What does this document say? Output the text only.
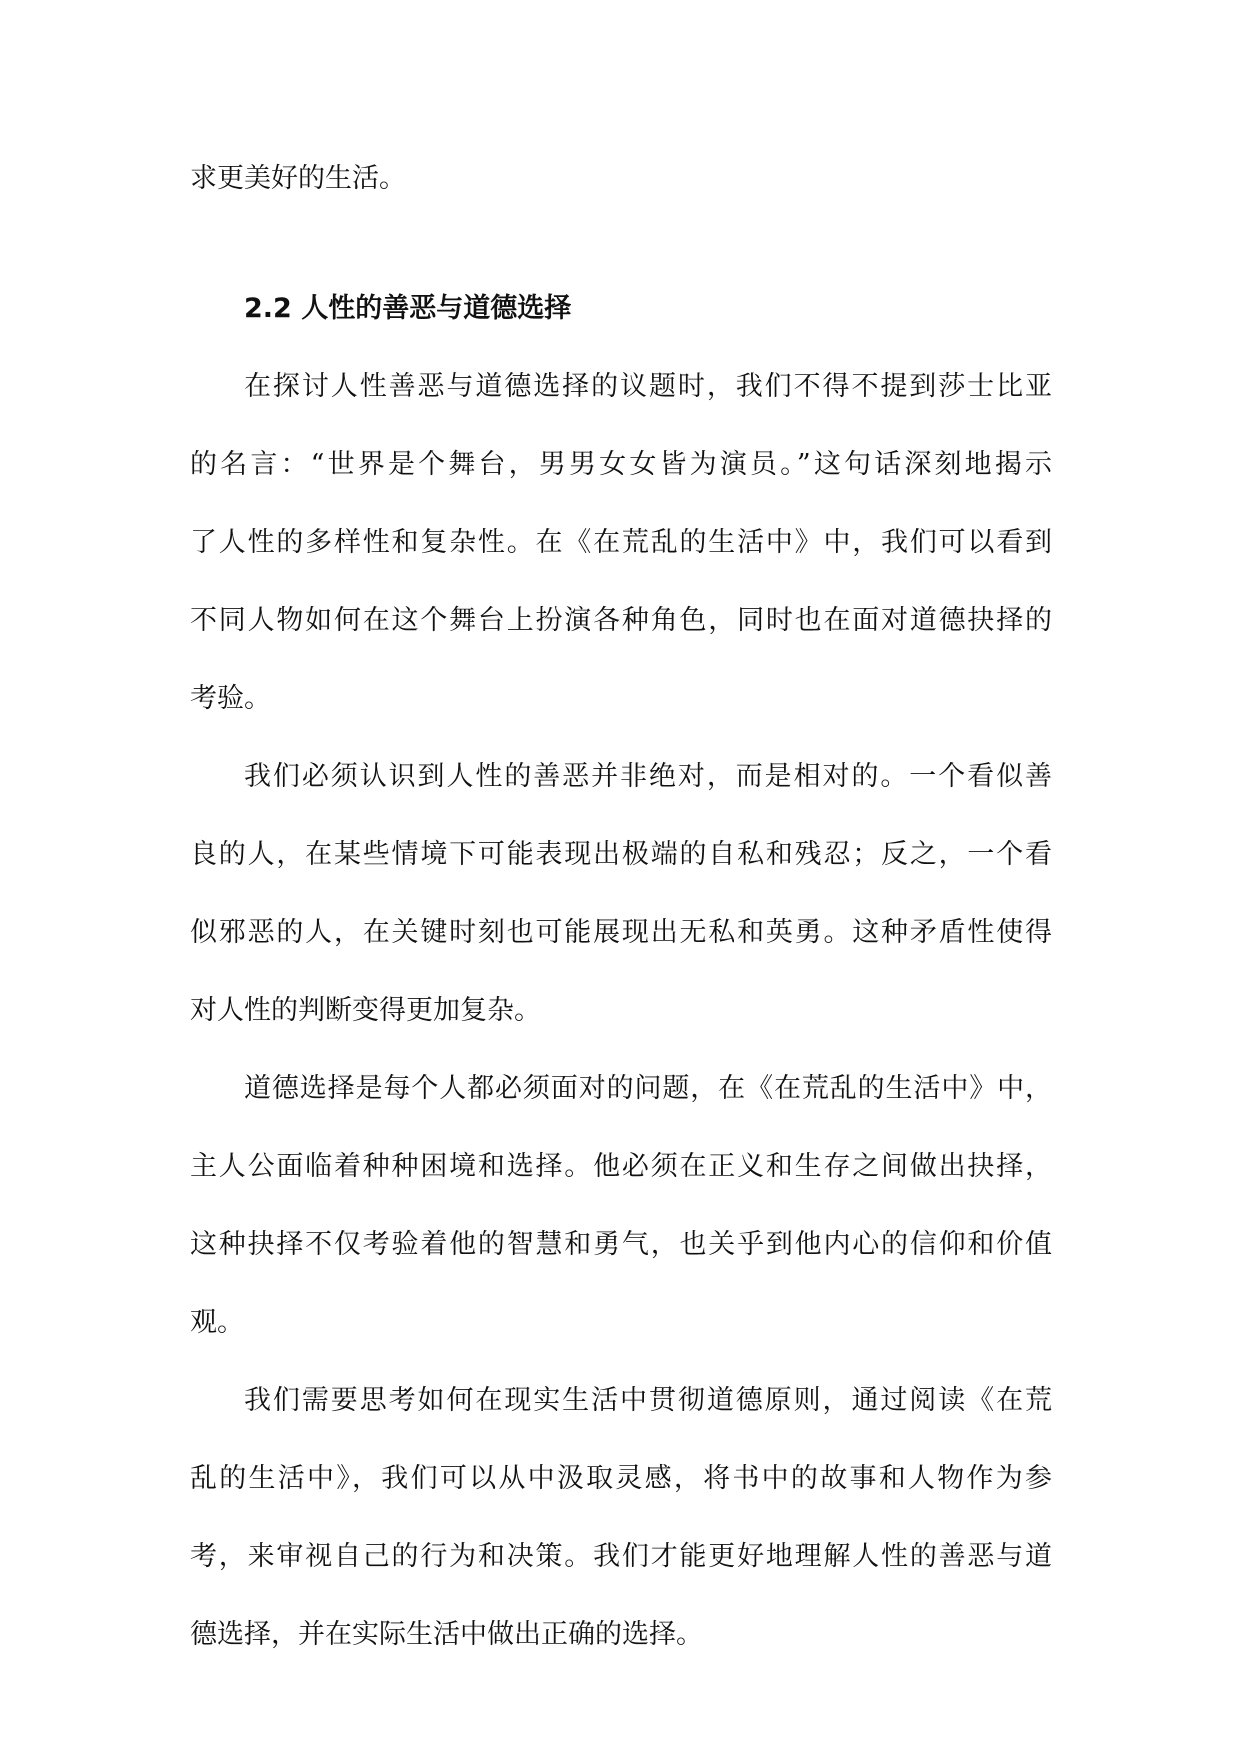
求更美好的生活。
2.2 人性的善恶与道德选择
在探讨人性善恶与道德选择的议题时，我们不得不提到莎士比亚
的名言：“世界是个舞台，男男女女皆为演员。”这句话深刻地揭示
了人性的多样性和复杂性。在《在荒乱的生活中》中，我们可以看到
不同人物如何在这个舞台上扮演各种角色，同时也在面对道德抉择的
考验。
我们必须认识到人性的善恶并非绝对，而是相对的。一个看似善
良的人，在某些情境下可能表现出极端的自私和残忍；反之，一个看
似邪恶的人，在关键时刻也可能展现出无私和英勇。这种矛盾性使得
对人性的判断变得更加复杂。
道德选择是每个人都必须面对的问题，在《在荒乱的生活中》中，
主人公面临着种种困境和选择。他必须在正义和生存之间做出抉择，
这种抉择不仅考验着他的智慧和勇气，也关乎到他内心的信仰和价值
观。
我们需要思考如何在现实生活中贯彻道德原则，通过阅读《在荒
乱的生活中》，我们可以从中汲取灵感，将书中的故事和人物作为参
考，来审视自己的行为和决策。我们才能更好地理解人性的善恶与道
德选择，并在实际生活中做出正确的选择。
